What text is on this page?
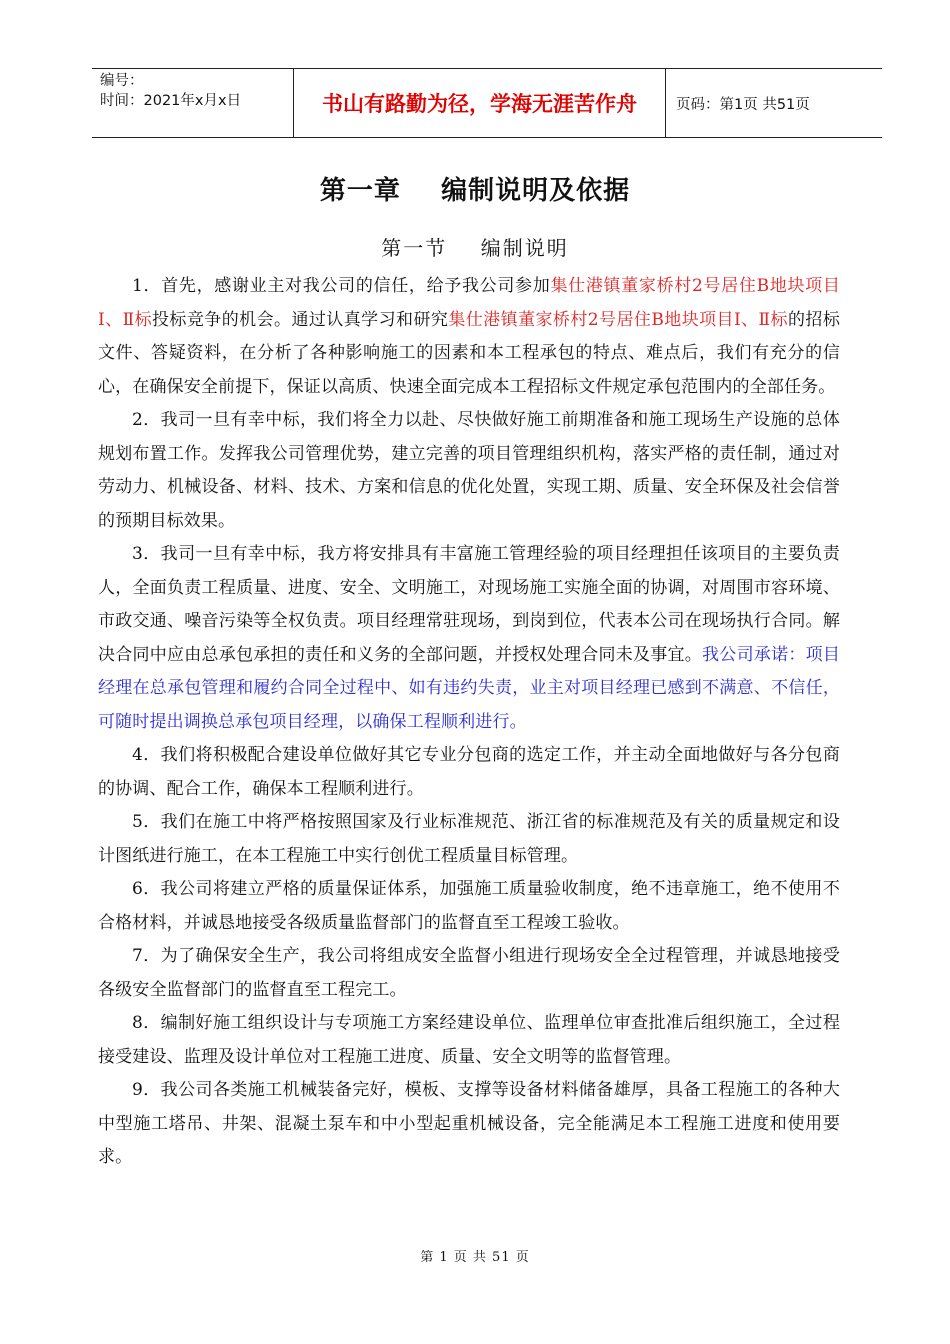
编号：
时间：2021年x月x日	书山有路勤为径，学海无涯苦作舟	页码：第1页 共51页
第一章    编制说明及依据
第一节    编制说明

1．首先，感谢业主对我公司的信任，给予我公司参加集仕港镇董家桥村2号居住B地块项目Ⅰ、Ⅱ标投标竞争的机会。通过认真学习和研究集仕港镇董家桥村2号居住B地块项目Ⅰ、Ⅱ标的招标文件、答疑资料，在分析了各种影响施工的因素和本工程承包的特点、难点后，我们有充分的信心，在确保安全前提下，保证以高质、快速全面完成本工程招标文件规定承包范围内的全部任务。

2．我司一旦有幸中标，我们将全力以赴、尽快做好施工前期准备和施工现场生产设施的总体规划布置工作。发挥我公司管理优势，建立完善的项目管理组织机构，落实严格的责任制，通过对劳动力、机械设备、材料、技术、方案和信息的优化处置，实现工期、质量、安全环保及社会信誉的预期目标效果。

3．我司一旦有幸中标，我方将安排具有丰富施工管理经验的项目经理担任该项目的主要负责人，全面负责工程质量、进度、安全、文明施工，对现场施工实施全面的协调，对周围市容环境、市政交通、噪音污染等全权负责。项目经理常驻现场，到岗到位，代表本公司在现场执行合同。解决合同中应由总承包承担的责任和义务的全部问题，并授权处理合同未及事宜。我公司承诺：项目经理在总承包管理和履约合同全过程中、如有违约失责，业主对项目经理已感到不满意、不信任，可随时提出调换总承包项目经理，以确保工程顺利进行。

4．我们将积极配合建设单位做好其它专业分包商的选定工作，并主动全面地做好与各分包商的协调、配合工作，确保本工程顺利进行。

5．我们在施工中将严格按照国家及行业标准规范、浙江省的标准规范及有关的质量规定和设计图纸进行施工，在本工程施工中实行创优工程质量目标管理。

6．我公司将建立严格的质量保证体系，加强施工质量验收制度，绝不违章施工，绝不使用不合格材料，并诚恳地接受各级质量监督部门的监督直至工程竣工验收。

7．为了确保安全生产，我公司将组成安全监督小组进行现场安全全过程管理，并诚恳地接受各级安全监督部门的监督直至工程完工。

8．编制好施工组织设计与专项施工方案经建设单位、监理单位审查批准后组织施工，全过程接受建设、监理及设计单位对工程施工进度、质量、安全文明等的监督管理。

9．我公司各类施工机械装备完好，模板、支撑等设备材料储备雄厚，具备工程施工的各种大中型施工塔吊、井架、混凝土泵车和中小型起重机械设备，完全能满足本工程施工进度和使用要求。

第 1 页 共 51 页
